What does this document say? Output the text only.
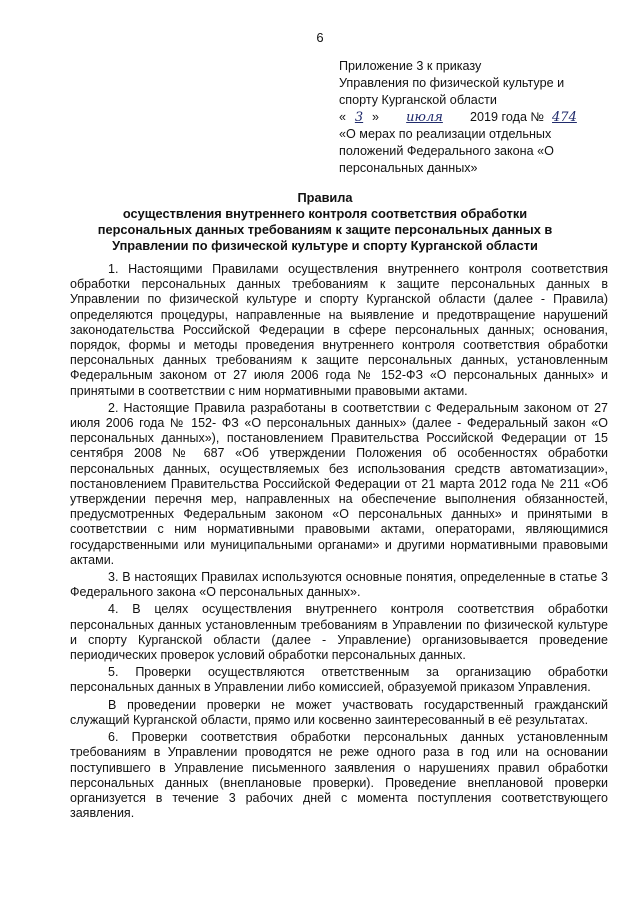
6
Приложение 3 к приказу
Управления по физической культуре и
спорту Курганской области
« 3 » июля 2019 года № 474
«О мерах по реализации отдельных
положений Федерального закона «О
персональных данных»
Правила
осуществления внутреннего контроля соответствия обработки
персональных данных требованиям к защите персональных данных в
Управлении по физической культуре и спорту Курганской области

1. Настоящими Правилами осуществления внутреннего контроля соответствия обработки персональных данных требованиям к защите персональных данных в Управлении по физической культуре и спорту Курганской области (далее - Правила) определяются процедуры, направленные на выявление и предотвращение нарушений законодательства Российской Федерации в сфере персональных данных; основания, порядок, формы и методы проведения внутреннего контроля соответствия обработки персональных данных требованиям к защите персональных данных, установленным Федеральным законом от 27 июля 2006 года № 152-ФЗ «О персональных данных» и принятыми в соответствии с ним нормативными правовыми актами.

2. Настоящие Правила разработаны в соответствии с Федеральным законом от 27 июля 2006 года № 152- ФЗ «О персональных данных» (далее - Федеральный закон «О персональных данных»), постановлением Правительства Российской Федерации от 15 сентября 2008 № 687 «Об утверждении Положения об особенностях обработки персональных данных, осуществляемых без использования средств автоматизации», постановлением Правительства Российской Федерации от 21 марта 2012 года № 211 «Об утверждении перечня мер, направленных на обеспечение выполнения обязанностей, предусмотренных Федеральным законом «О персональных данных» и принятыми в соответствии с ним нормативными правовыми актами, операторами, являющимися государственными или муниципальными органами» и другими нормативными правовыми актами.

3. В настоящих Правилах используются основные понятия, определенные в статье 3 Федерального закона «О персональных данных».

4. В целях осуществления внутреннего контроля соответствия обработки персональных данных установленным требованиям в Управлении по физической культуре и спорту Курганской области (далее - Управление) организовывается проведение периодических проверок условий обработки персональных данных.

5. Проверки осуществляются ответственным за организацию обработки персональных данных в Управлении либо комиссией, образуемой приказом Управления.

В проведении проверки не может участвовать государственный гражданский служащий Курганской области, прямо или косвенно заинтересованный в её результатах.

6. Проверки соответствия обработки персональных данных установленным требованиям в Управлении проводятся не реже одного раза в год или на основании поступившего в Управление письменного заявления о нарушениях правил обработки персональных данных (внеплановые проверки). Проведение внеплановой проверки организуется в течение 3 рабочих дней с момента поступления соответствующего заявления.
